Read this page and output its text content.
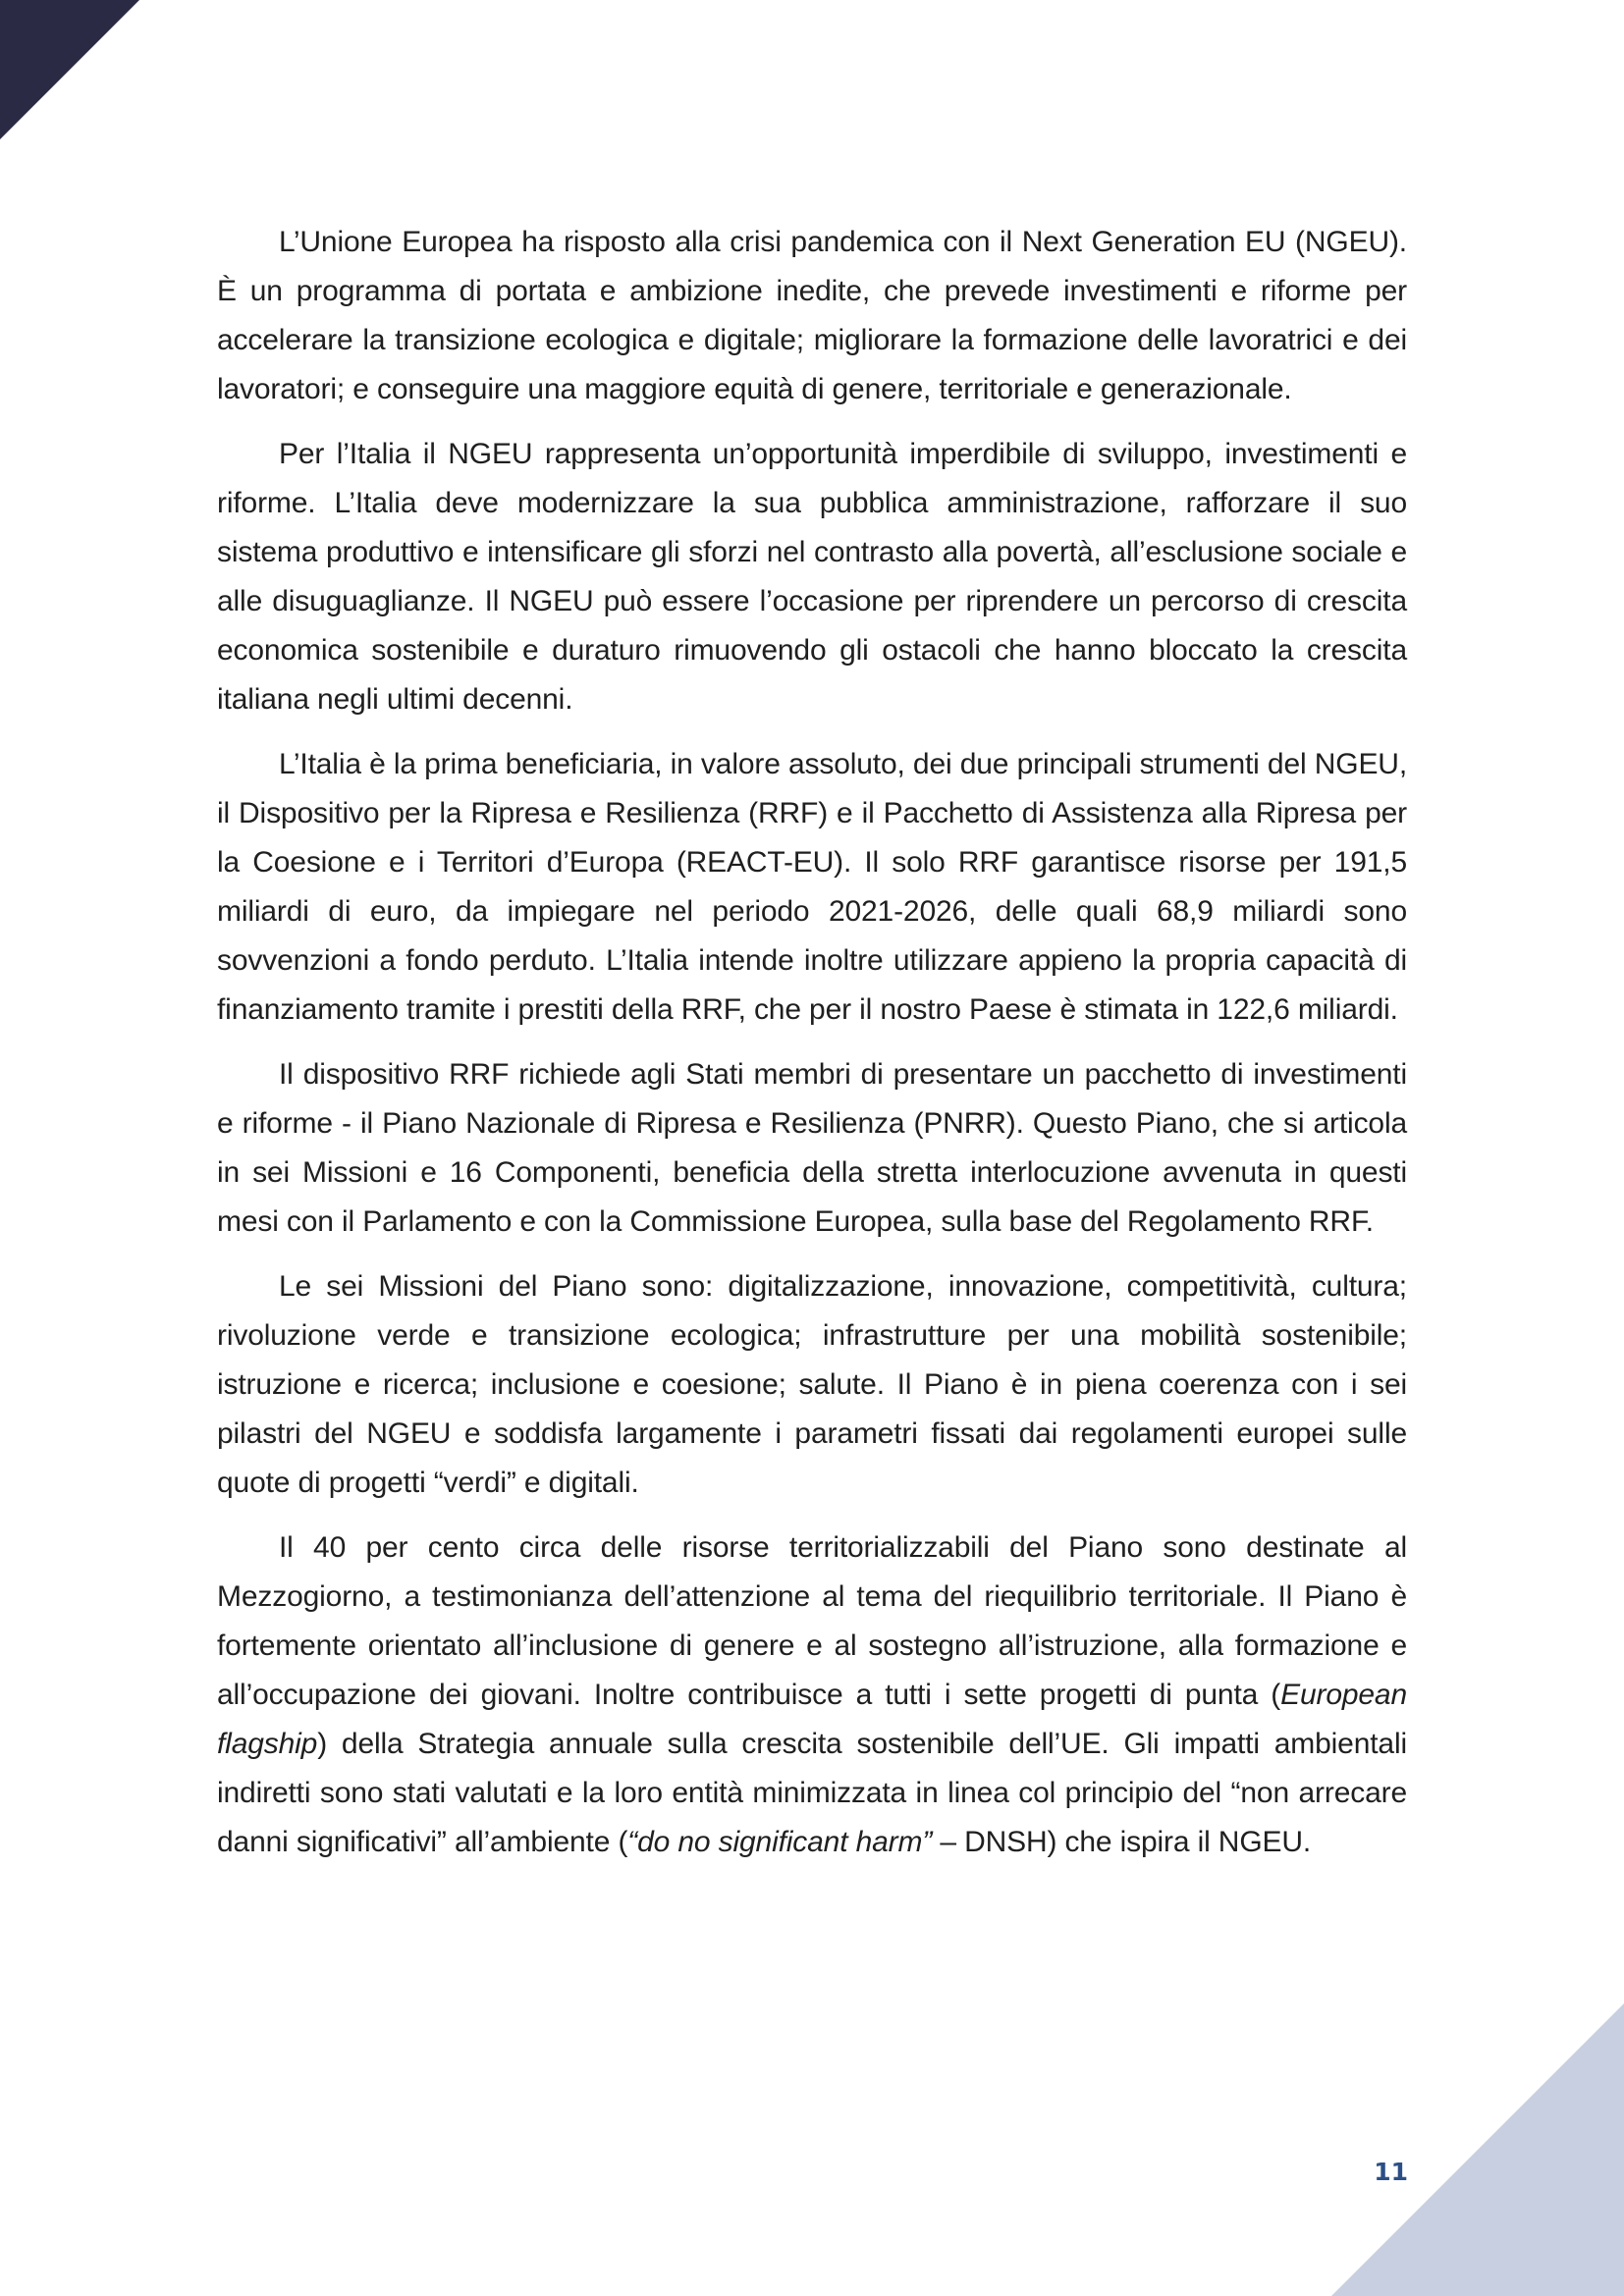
L’Unione Europea ha risposto alla crisi pandemica con il Next Generation EU (NGEU). È un programma di portata e ambizione inedite, che prevede investimenti e riforme per accelerare la transizione ecologica e digitale; migliorare la formazione delle lavoratrici e dei lavoratori; e conseguire una maggiore equità di genere, territoriale e generazionale.

Per l’Italia il NGEU rappresenta un’opportunità imperdibile di sviluppo, investimenti e riforme. L’Italia deve modernizzare la sua pubblica amministrazione, rafforzare il suo sistema produttivo e intensificare gli sforzi nel contrasto alla povertà, all’esclusione sociale e alle disuguaglianze. Il NGEU può essere l’occasione per riprendere un percorso di crescita economica sostenibile e duraturo rimuovendo gli ostacoli che hanno bloccato la crescita italiana negli ultimi decenni.

L’Italia è la prima beneficiaria, in valore assoluto, dei due principali strumenti del NGEU, il Dispositivo per la Ripresa e Resilienza (RRF) e il Pacchetto di Assistenza alla Ripresa per la Coesione e i Territori d’Europa (REACT-EU). Il solo RRF garantisce risorse per 191,5 miliardi di euro, da impiegare nel periodo 2021-2026, delle quali 68,9 miliardi sono sovvenzioni a fondo perduto. L’Italia intende inoltre utilizzare appieno la propria capacità di finanziamento tramite i prestiti della RRF, che per il nostro Paese è stimata in 122,6 miliardi.

Il dispositivo RRF richiede agli Stati membri di presentare un pacchetto di investimenti e riforme - il Piano Nazionale di Ripresa e Resilienza (PNRR). Questo Piano, che si articola in sei Missioni e 16 Componenti, beneficia della stretta interlocuzione avvenuta in questi mesi con il Parlamento e con la Commissione Europea, sulla base del Regolamento RRF.

Le sei Missioni del Piano sono: digitalizzazione, innovazione, competitività, cultura; rivoluzione verde e transizione ecologica; infrastrutture per una mobilità sostenibile; istruzione e ricerca; inclusione e coesione; salute. Il Piano è in piena coerenza con i sei pilastri del NGEU e soddisfa largamente i parametri fissati dai regolamenti europei sulle quote di progetti “verdi” e digitali.

Il 40 per cento circa delle risorse territorializzabili del Piano sono destinate al Mezzogiorno, a testimonianza dell’attenzione al tema del riequilibrio territoriale. Il Piano è fortemente orientato all’inclusione di genere e al sostegno all’istruzione, alla formazione e all’occupazione dei giovani. Inoltre contribuisce a tutti i sette progetti di punta (European flagship) della Strategia annuale sulla crescita sostenibile dell’UE. Gli impatti ambientali indiretti sono stati valutati e la loro entità minimizzata in linea col principio del “non arrecare danni significativi” all’ambiente (“do no significant harm” – DNSH) che ispira il NGEU.

11
